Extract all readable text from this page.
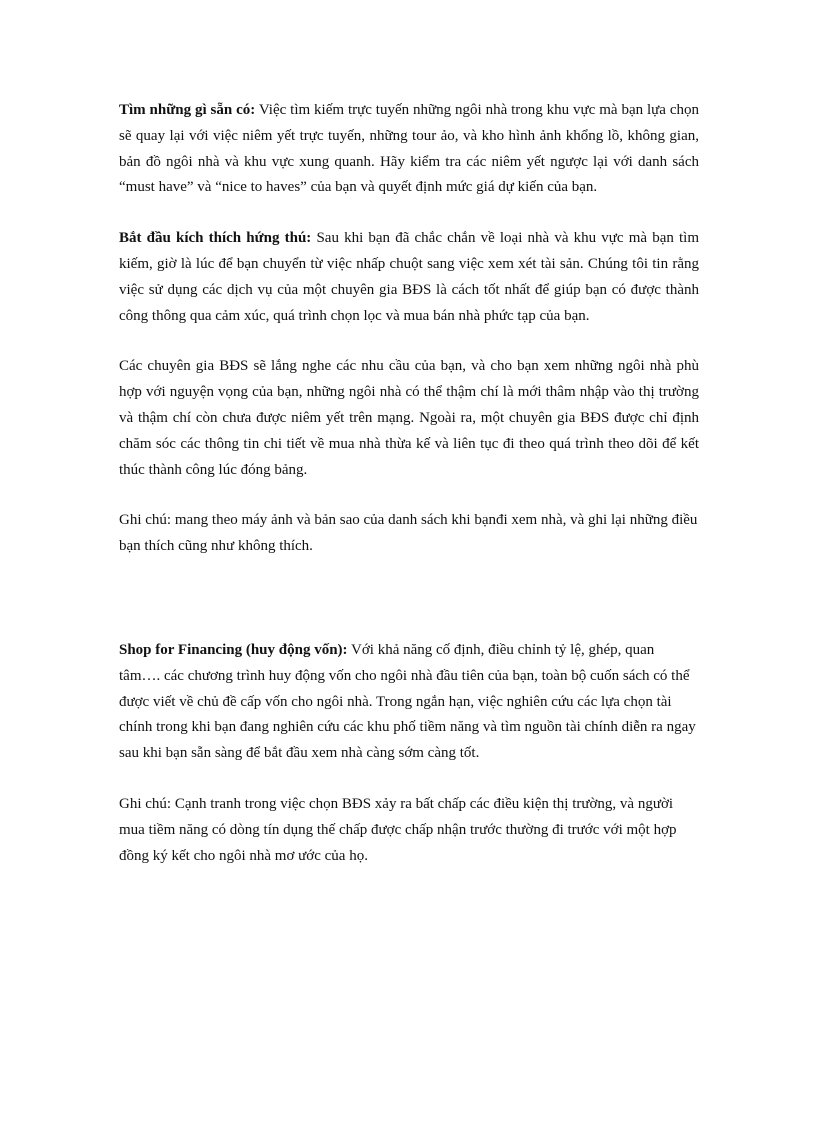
Tìm những gì sẵn có: Việc tìm kiếm trực tuyến những ngôi nhà trong khu vực mà bạn lựa chọn sẽ quay lại với việc niêm yết trực tuyến, những tour ảo, và kho hình ảnh khổng lồ, không gian, bản đồ ngôi nhà và khu vực xung quanh. Hãy kiểm tra các niêm yết ngược lại với danh sách “must have” và “nice to haves” của bạn và quyết định mức giá dự kiến của bạn.

Bắt đầu kích thích hứng thú: Sau khi bạn đã chắc chắn về loại nhà và khu vực mà bạn tìm kiếm, giờ là lúc để bạn chuyển từ việc nhấp chuột sang việc xem xét tài sản. Chúng tôi tin rằng việc sử dụng các dịch vụ của một chuyên gia BĐS là cách tốt nhất để giúp bạn có được thành công thông qua cảm xúc, quá trình chọn lọc và mua bán nhà phức tạp của bạn.

Các chuyên gia BĐS sẽ lắng nghe các nhu cầu của bạn, và cho bạn xem những ngôi nhà phù hợp với nguyện vọng của bạn, những ngôi nhà có thể thậm chí là mới thâm nhập vào thị trường và thậm chí còn chưa được niêm yết trên mạng. Ngoài ra, một chuyên gia BĐS được chỉ định chăm sóc các thông tin chi tiết về mua nhà thừa kế và liên tục đi theo quá trình theo dõi để kết thúc thành công lúc đóng bảng.

Ghi chú: mang theo máy ảnh và bản sao của danh sách khi bạnđi xem nhà, và ghi lại những điều bạn thích cũng như không thích.

Shop for Financing (huy động vốn): Với khả năng cố định, điều chỉnh tỷ lệ, ghép, quan tâm…. các chương trình huy động vốn cho ngôi nhà đầu tiên của bạn, toàn bộ cuốn sách có thể được viết về chủ đề cấp vốn cho ngôi nhà. Trong ngắn hạn, việc nghiên cứu các lựa chọn tài chính trong khi bạn đang nghiên cứu các khu phố tiềm năng và tìm nguồn tài chính diễn ra ngay sau khi bạn sẵn sàng để bắt đầu xem nhà càng sớm càng tốt.

Ghi chú: Cạnh tranh trong việc chọn BĐS xảy ra bất chấp các điều kiện thị trường, và người mua tiềm năng có dòng tín dụng thế chấp được chấp nhận trước thường đi trước với một hợp đồng ký kết cho ngôi nhà mơ ước của họ.
